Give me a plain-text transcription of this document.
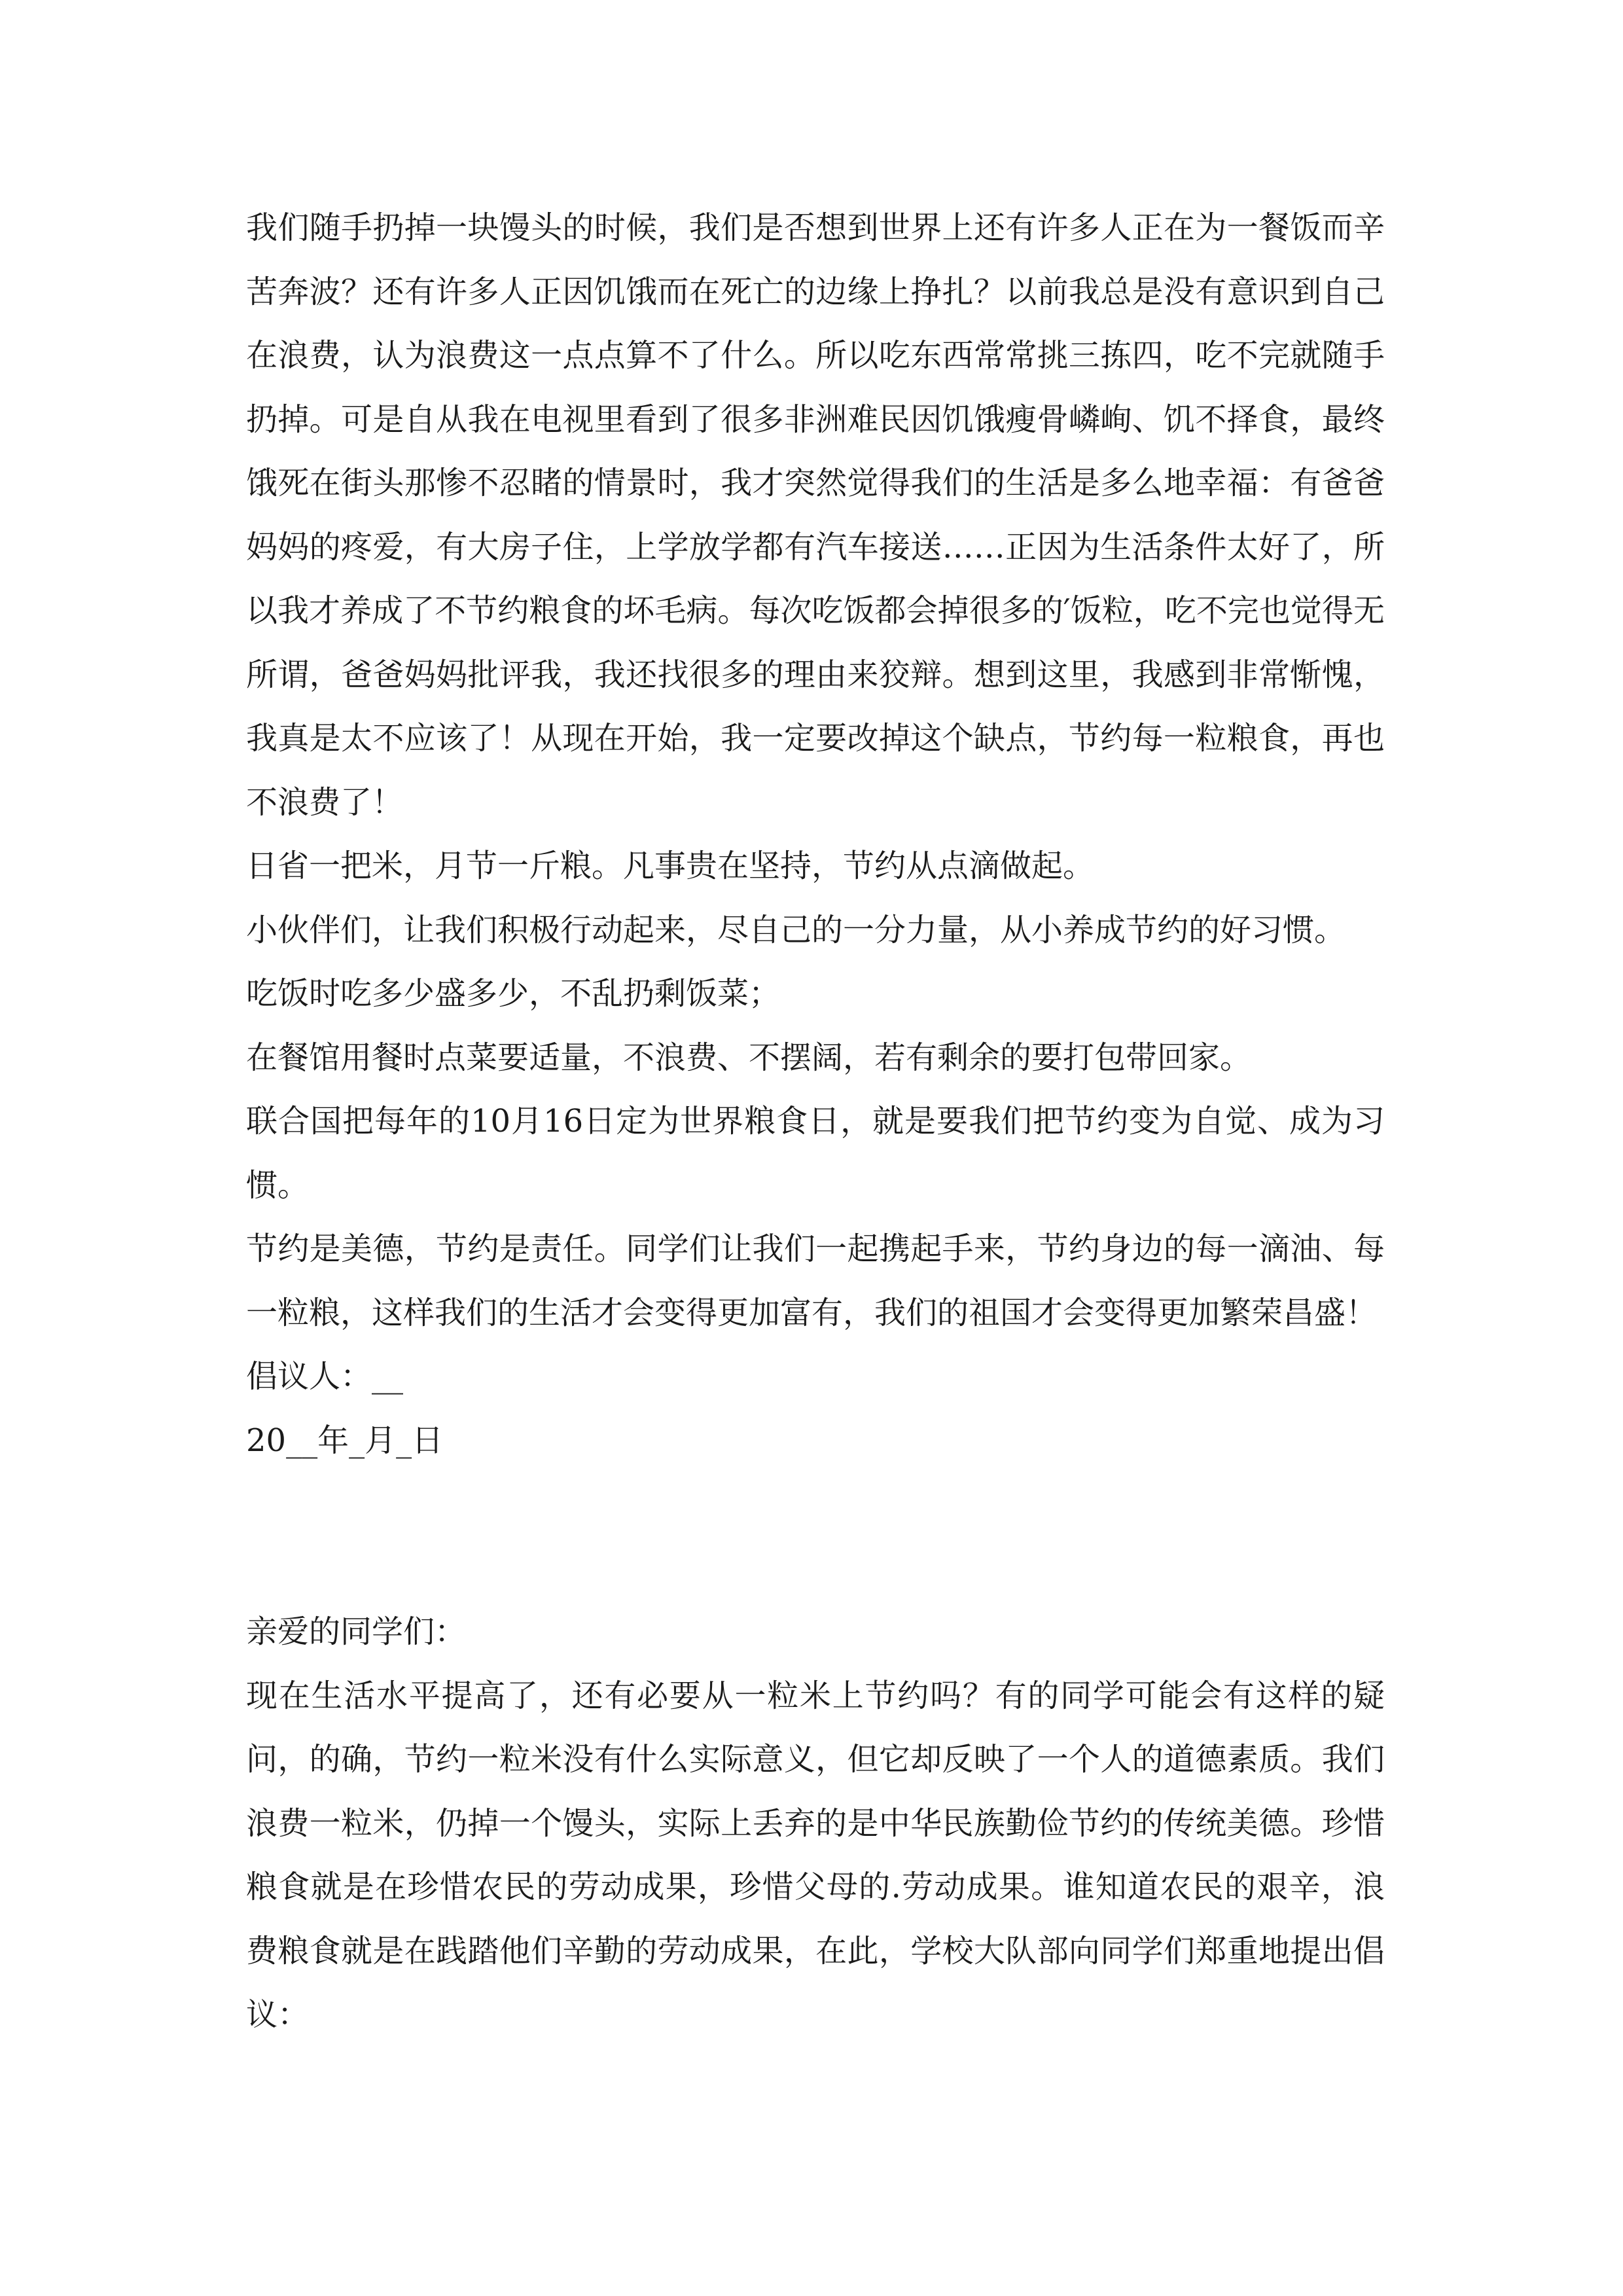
我们随手扔掉一块馒头的时候，我们是否想到世界上还有许多人正在为一餐饭而辛苦奔波？还有许多人正因饥饿而在死亡的边缘上挣扎？以前我总是没有意识到自己在浪费，认为浪费这一点点算不了什么。所以吃东西常常挑三拣四，吃不完就随手扔掉。可是自从我在电视里看到了很多非洲难民因饥饿瘦骨嶙峋、饥不择食，最终饿死在街头那惨不忍睹的情景时，我才突然觉得我们的生活是多么地幸福：有爸爸妈妈的疼爱，有大房子住，上学放学都有汽车接送……正因为生活条件太好了，所以我才养成了不节约粮食的坏毛病。每次吃饭都会掉很多的′饭粒，吃不完也觉得无所谓，爸爸妈妈批评我，我还找很多的理由来狡辩。想到这里，我感到非常惭愧，我真是太不应该了！从现在开始，我一定要改掉这个缺点，节约每一粒粮食，再也不浪费了！

日省一把米，月节一斤粮。凡事贵在坚持，节约从点滴做起。

小伙伴们，让我们积极行动起来，尽自己的一分力量，从小养成节约的好习惯。

吃饭时吃多少盛多少，不乱扔剩饭菜；

在餐馆用餐时点菜要适量，不浪费、不摆阔，若有剩余的要打包带回家。

联合国把每年的10月16日定为世界粮食日，就是要我们把节约变为自觉、成为习惯。

节约是美德，节约是责任。同学们让我们一起携起手来，节约身边的每一滴油、每一粒粮，这样我们的生活才会变得更加富有，我们的祖国才会变得更加繁荣昌盛！

倡议人：__

20__年_月_日

亲爱的同学们：

现在生活水平提高了，还有必要从一粒米上节约吗？有的同学可能会有这样的疑问，的确，节约一粒米没有什么实际意义，但它却反映了一个人的道德素质。我们浪费一粒米，仍掉一个馒头，实际上丢弃的是中华民族勤俭节约的传统美德。珍惜粮食就是在珍惜农民的劳动成果，珍惜父母的.劳动成果。谁知道农民的艰辛，浪费粮食就是在践踏他们辛勤的劳动成果，在此，学校大队部向同学们郑重地提出倡议：
